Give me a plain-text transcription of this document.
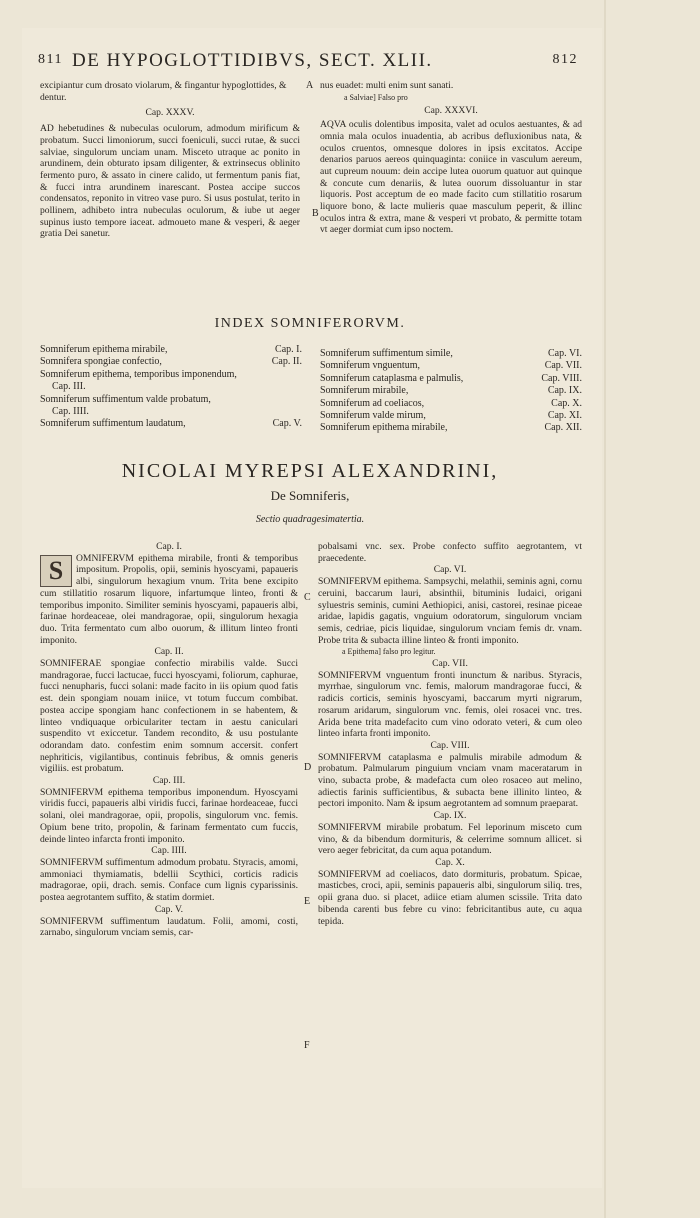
811 DE HYPOGLOTTIDIBVS, SECT. XLII.	812

excipiantur cum drosato violarum, & fingantur hypoglottides, & dentur.

Cap. XXXV.

AD hebetudines & nubeculas oculorum, admodum mirificum & probatum. Succi limoniorum, succi foeniculi, succi rutae, & succi salviae, singulorum unciam unam. Misceto utraque ac ponito in arundinem, dein obturato ipsam diligenter, & extrinsecus oblinito fermento puro, & assato in cinere calido, ut fermentum panis fiat, & fucci intra arundinem inarescant. Postea accipe succos condensatos, reponito in vitreo vase puro. Si usus postulat, terito in pollinem, adhibeto intra nubeculas oculorum, & iube ut aeger supinus iusto tempore iaceat. admoueto mane & vesperi, & aeger gratia Dei sanetur.

A nus euadet: multi enim sunt sanati.

a Salviae] Falso pro

Cap. XXXVI.

AQVA oculis dolentibus imposita, valet ad oculos aestuantes, & ad omnia mala oculos inuadentia, ab acribus defluxionibus nata, & oculos cruentos, omnesque dolores in ipsis excitatos. Accipe denarios paruos aereos quinquaginta: coniice in vasculum aereum, aut cupreum nouum: dein accipe lutea ouorum quatuor aut quinque & concute cum denariis, & lutea ouorum dissoluantur in star liquoris. Post acceptum de eo made facito cum stillatitio rosarum liquore bono, & lacte mulieris quae masculum peperit, & illinc oculos intra & extra, mane & vesperi vt probato, & permitte totam vt aeger dormiat cum ipso noctem.

B
INDEX SOMNIFERORVM.
Somniferum epithema mirabile,	Cap. I.
Somnifera spongiae confectio,	Cap. II.
Somniferum epithema, temporibus imponendum,
Cap. III.
Somniferum suffimentum valde probatum,
Cap. IIII.
Somniferum suffimentum laudatum,	Cap. V.
Somniferum suffimentum simile,	Cap. VI.
Somniferum vnguentum,	Cap. VII.
Somniferum cataplasma e palmulis,	Cap. VIII.
Somniferum mirabile,	Cap. IX.
Somniferum ad coeliacos,	Cap. X.
Somniferum valde mirum,	Cap. XI.
Somniferum epithema mirabile,	Cap. XII.
NICOLAI MYREPSI ALEXANDRINI,
De Somniferis,
Sectio quadragesimatertia.

Cap. I.

S	OMNIFERVM epithema mirabile, fronti & temporibus impositum. Propolis, opii, seminis hyoscyami, papaueris albi, singulorum hexagium vnum. Trita bene excipito cum stillatitio rosarum liquore, infartumque linteo, fronti & temporibus imponito. Similiter seminis hyoscyami, papaueris albi, farinae hordeaceae, olei mandragorae, opii, singulorum hexagia duo. Trita fermentato cum albo ouorum, & illitum linteo fronti imponito.

Cap. II.

SOMNIFERAE spongiae confectio mirabilis valde. Succi mandragorae, fucci lactucae, fucci hyoscyami, foliorum, caphurae, fucci nenupharis, fucci solani: made facito in iis opium quod fatis est. dein spongiam nouam iniice, vt totum fuccum combibat. postea accipe spongiam hanc confectionem in se habentem, & linteo vndiquaque orbiculariter tectam in aestu caniculari suspendito vt exiccetur. Tandem recondito, & usu postulante odorandam dato. confestim enim somnum accersit. confert nephriticis, vigilantibus, continuis febribus, & omnis generis vigiliis. est probatum.

Cap. III.

SOMNIFERVM epithema temporibus imponendum. Hyoscyami viridis fucci, papaueris albi viridis fucci, farinae hordeaceae, fucci solani, olei mandragorae, opii, propolis, singulorum vnc. femis. Opium bene trito, propolin, & farinam fermentato cum fuccis, deinde linteo infarcta fronti imponito.

Cap. IIII.

SOMNIFERVM suffimentum admodum probatu. Styracis, amomi, ammoniaci thymiamatis, bdellii Scythici, corticis radicis madragorae, opii, drach. semis. Conface cum lignis cyparissinis. postea aegrotantem suffito, & statim dormiet.

Cap. V.

SOMNIFERVM suffimentum laudatum. Folii, amomi, costi, zarnabo, singulorum vnciam semis, car-

C
D
E
F

pobalsami vnc. sex. Probe confecto suffito aegrotantem, vt praecedente.

Cap. VI.

SOMNIFERVM epithema. Sampsychi, melathii, seminis agni, cornu ceruini, baccarum lauri, absinthii, bituminis Iudaici, origani syluestris seminis, cumini Aethiopici, anisi, castorei, resinae piceae aridae, lapidis gagatis, vnguium odoratorum, singulorum vnciam semis, cedriae, picis liquidae, singulorum vnciam femis dr. vnam. Probe trita & subacta illine linteo & fronti imponito.

a Epithema] falso pro legitur.

Cap. VII.

SOMNIFERVM vnguentum fronti inunctum & naribus. Styracis, myrrhae, singulorum vnc. femis, malorum mandragorae fucci, & radicis corticis, seminis hyoscyami, baccarum myrti nigrarum, rosarum aridarum, singulorum vnc. femis, olei rosacei vnc. tres. Arida bene trita madefacito cum vino odorato veteri, & cum oleo linteo infarta fronti imponito.

Cap. VIII.

SOMNIFERVM cataplasma e palmulis mirabile admodum & probatum. Palmularum pinguium vnciam vnam maceratarum in vino, subacta probe, & madefacta cum oleo rosaceo aut melino, adiectis farinis sufficientibus, & subacta bene illinito linteo, & pectori imponito. Nam & ipsum aegrotantem ad somnum praeparat.

Cap. IX.

SOMNIFERVM mirabile probatum. Fel leporinum misceto cum vino, & da bibendum dormituris, & celerrime somnum allicet. si vero aeger febricitat, da cum aqua potandum.

Cap. X.

SOMNIFERVM ad coeliacos, dato dormituris, probatum. Spicae, masticbes, croci, apii, seminis papaueris albi, singulorum siliq. tres, opii grana duo. si placet, adiice etiam alumen scissile. Trita dato bibenda carenti bus febre cu vino: febricitantibus aute, cu aqua tepida.
